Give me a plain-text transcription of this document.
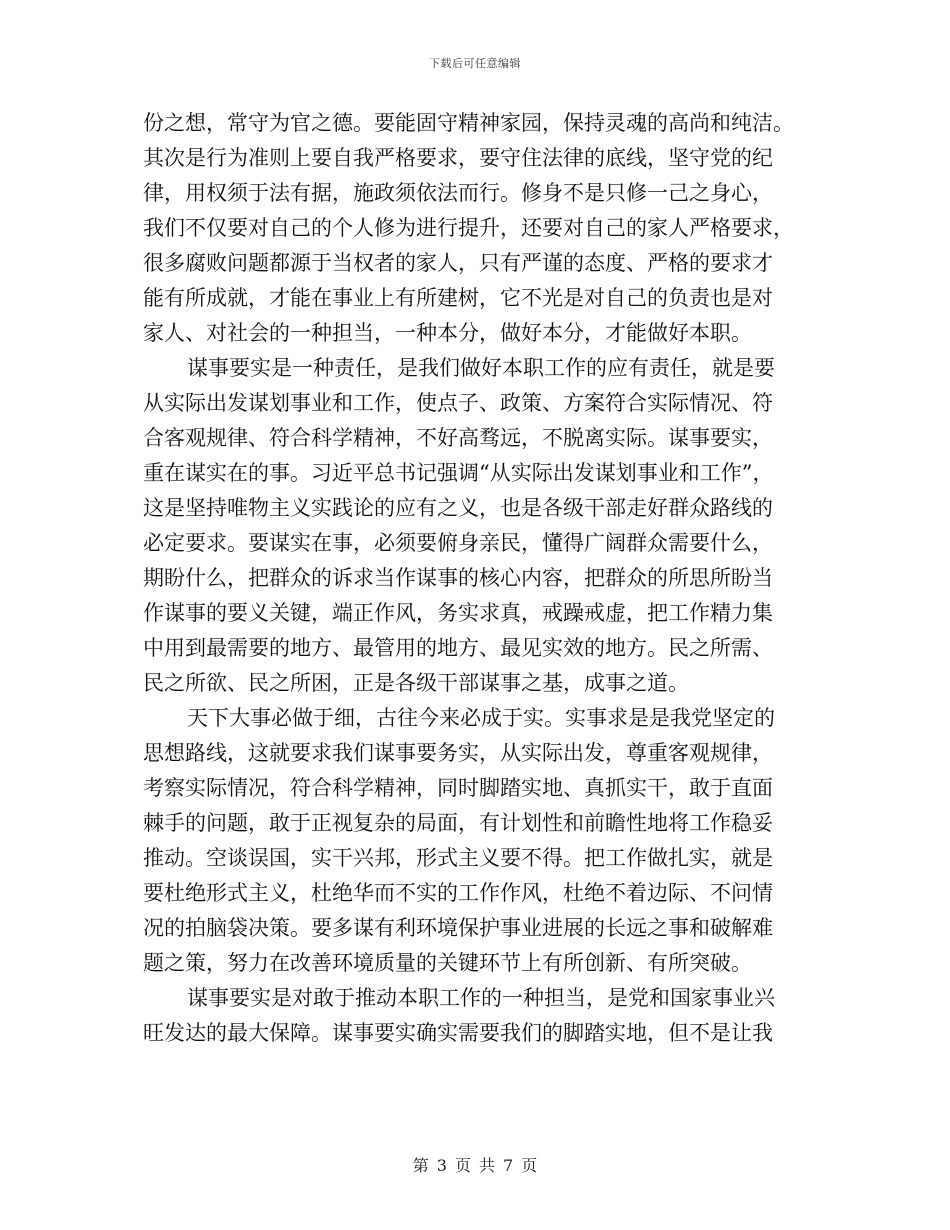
下载后可任意编辑
份之想，常守为官之德。要能固守精神家园，保持灵魂的高尚和纯洁。
其次是行为准则上要自我严格要求，要守住法律的底线，坚守党的纪
律，用权须于法有据，施政须依法而行。修身不是只修一己之身心，
我们不仅要对自己的个人修为进行提升，还要对自己的家人严格要求，
很多腐败问题都源于当权者的家人，只有严谨的态度、严格的要求才
能有所成就，才能在事业上有所建树，它不光是对自己的负责也是对
家人、对社会的一种担当，一种本分，做好本分，才能做好本职。
谋事要实是一种责任，是我们做好本职工作的应有责任，就是要
从实际出发谋划事业和工作，使点子、政策、方案符合实际情况、符
合客观规律、符合科学精神，不好高骛远，不脱离实际。谋事要实，
重在谋实在的事。习近平总书记强调“从实际出发谋划事业和工作”，
这是坚持唯物主义实践论的应有之义，也是各级干部走好群众路线的
必定要求。要谋实在事，必须要俯身亲民，懂得广阔群众需要什么，
期盼什么，把群众的诉求当作谋事的核心内容，把群众的所思所盼当
作谋事的要义关键，端正作风，务实求真，戒躁戒虚，把工作精力集
中用到最需要的地方、最管用的地方、最见实效的地方。民之所需、
民之所欲、民之所困，正是各级干部谋事之基，成事之道。
天下大事必做于细，古往今来必成于实。实事求是是我党坚定的
思想路线，这就要求我们谋事要务实，从实际出发，尊重客观规律，
考察实际情况，符合科学精神，同时脚踏实地、真抓实干，敢于直面
棘手的问题，敢于正视复杂的局面，有计划性和前瞻性地将工作稳妥
推动。空谈误国，实干兴邦，形式主义要不得。把工作做扎实，就是
要杜绝形式主义，杜绝华而不实的工作作风，杜绝不着边际、不问情
况的拍脑袋决策。要多谋有利环境保护事业进展的长远之事和破解难
题之策，努力在改善环境质量的关键环节上有所创新、有所突破。
谋事要实是对敢于推动本职工作的一种担当，是党和国家事业兴
旺发达的最大保障。谋事要实确实需要我们的脚踏实地，但不是让我
第 3 页 共 7 页
